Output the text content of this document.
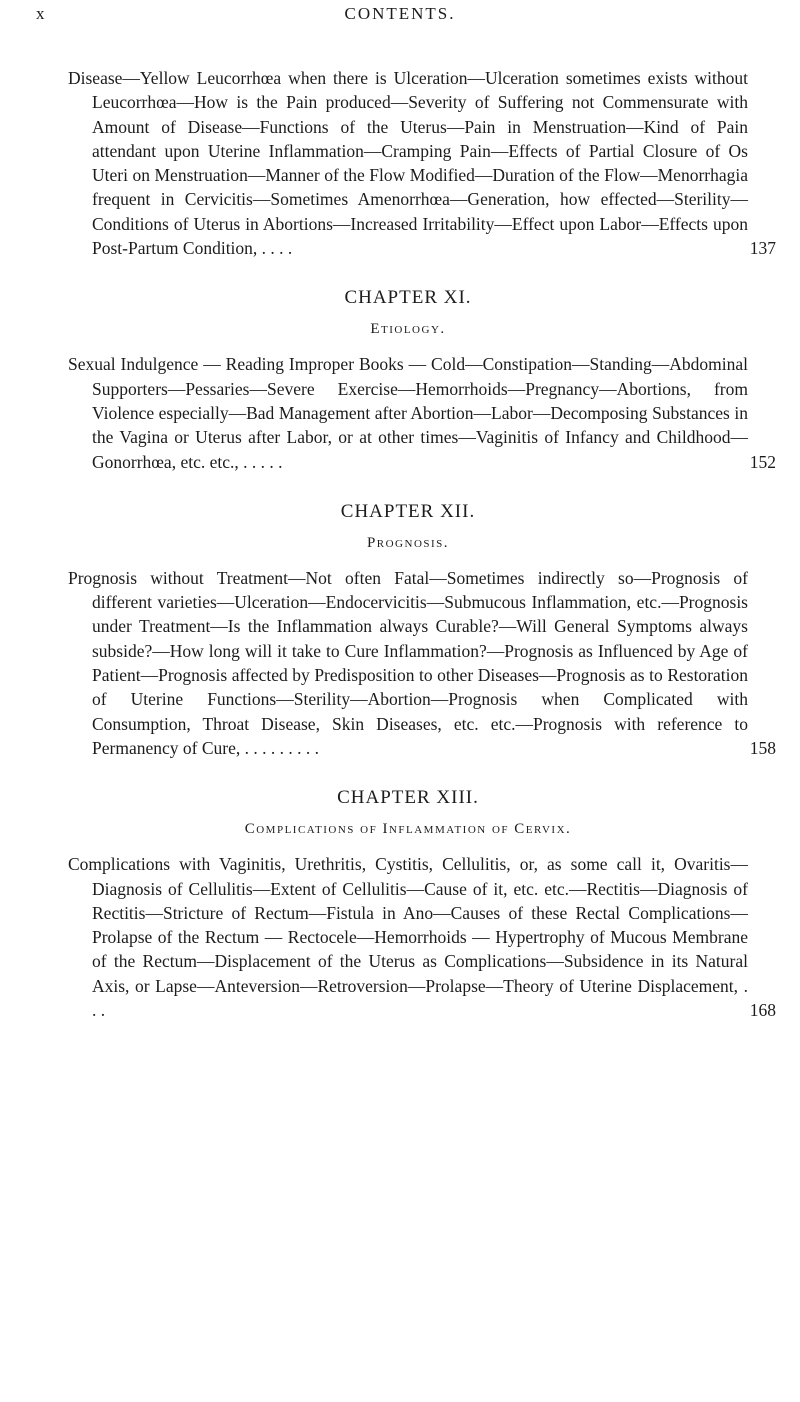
x	CONTENTS.

Disease—Yellow Leucorrhœa when there is Ulceration—Ulceration sometimes exists without Leucorrhœa—How is the Pain produced—Severity of Suffering not Commensurate with Amount of Disease—Functions of the Uterus—Pain in Menstruation—Kind of Pain attendant upon Uterine Inflammation—Cramping Pain—Effects of Partial Closure of Os Uteri on Menstruation—Manner of the Flow Modified—Duration of the Flow—Menorrhagia frequent in Cervicitis—Sometimes Amenorrhœa—Generation, how effected—Sterility—Conditions of Uterus in Abortions—Increased Irritability—Effect upon Labor—Effects upon Post-Partum Condition, . . . .	137

CHAPTER XI.
Etiology.

Sexual Indulgence — Reading Improper Books — Cold—Constipation—Standing—Abdominal Supporters—Pessaries—Severe Exercise—Hemorrhoids—Pregnancy—Abortions, from Violence especially—Bad Management after Abortion—Labor—Decomposing Substances in the Vagina or Uterus after Labor, or at other times—Vaginitis of Infancy and Childhood—Gonorrhœa, etc. etc., . . . . .	152

CHAPTER XII.
Prognosis.

Prognosis without Treatment—Not often Fatal—Sometimes indirectly so—Prognosis of different varieties—Ulceration—Endocervicitis—Submucous Inflammation, etc.—Prognosis under Treatment—Is the Inflammation always Curable?—Will General Symptoms always subside?—How long will it take to Cure Inflammation?—Prognosis as Influenced by Age of Patient—Prognosis affected by Predisposition to other Diseases—Prognosis as to Restoration of Uterine Functions—Sterility—Abortion—Prognosis when Complicated with Consumption, Throat Disease, Skin Diseases, etc. etc.—Prognosis with reference to Permanency of Cure, . . . . . . . . .	158

CHAPTER XIII.
Complications of Inflammation of Cervix.

Complications with Vaginitis, Urethritis, Cystitis, Cellulitis, or, as some call it, Ovaritis—Diagnosis of Cellulitis—Extent of Cellulitis—Cause of it, etc. etc.—Rectitis—Diagnosis of Rectitis—Stricture of Rectum—Fistula in Ano—Causes of these Rectal Complications—Prolapse of the Rectum — Rectocele—Hemorrhoids — Hypertrophy of Mucous Membrane of the Rectum—Displacement of the Uterus as Complications—Subsidence in its Natural Axis, or Lapse—Anteversion—Retroversion—Prolapse—Theory of Uterine Displacement, . . .	168
